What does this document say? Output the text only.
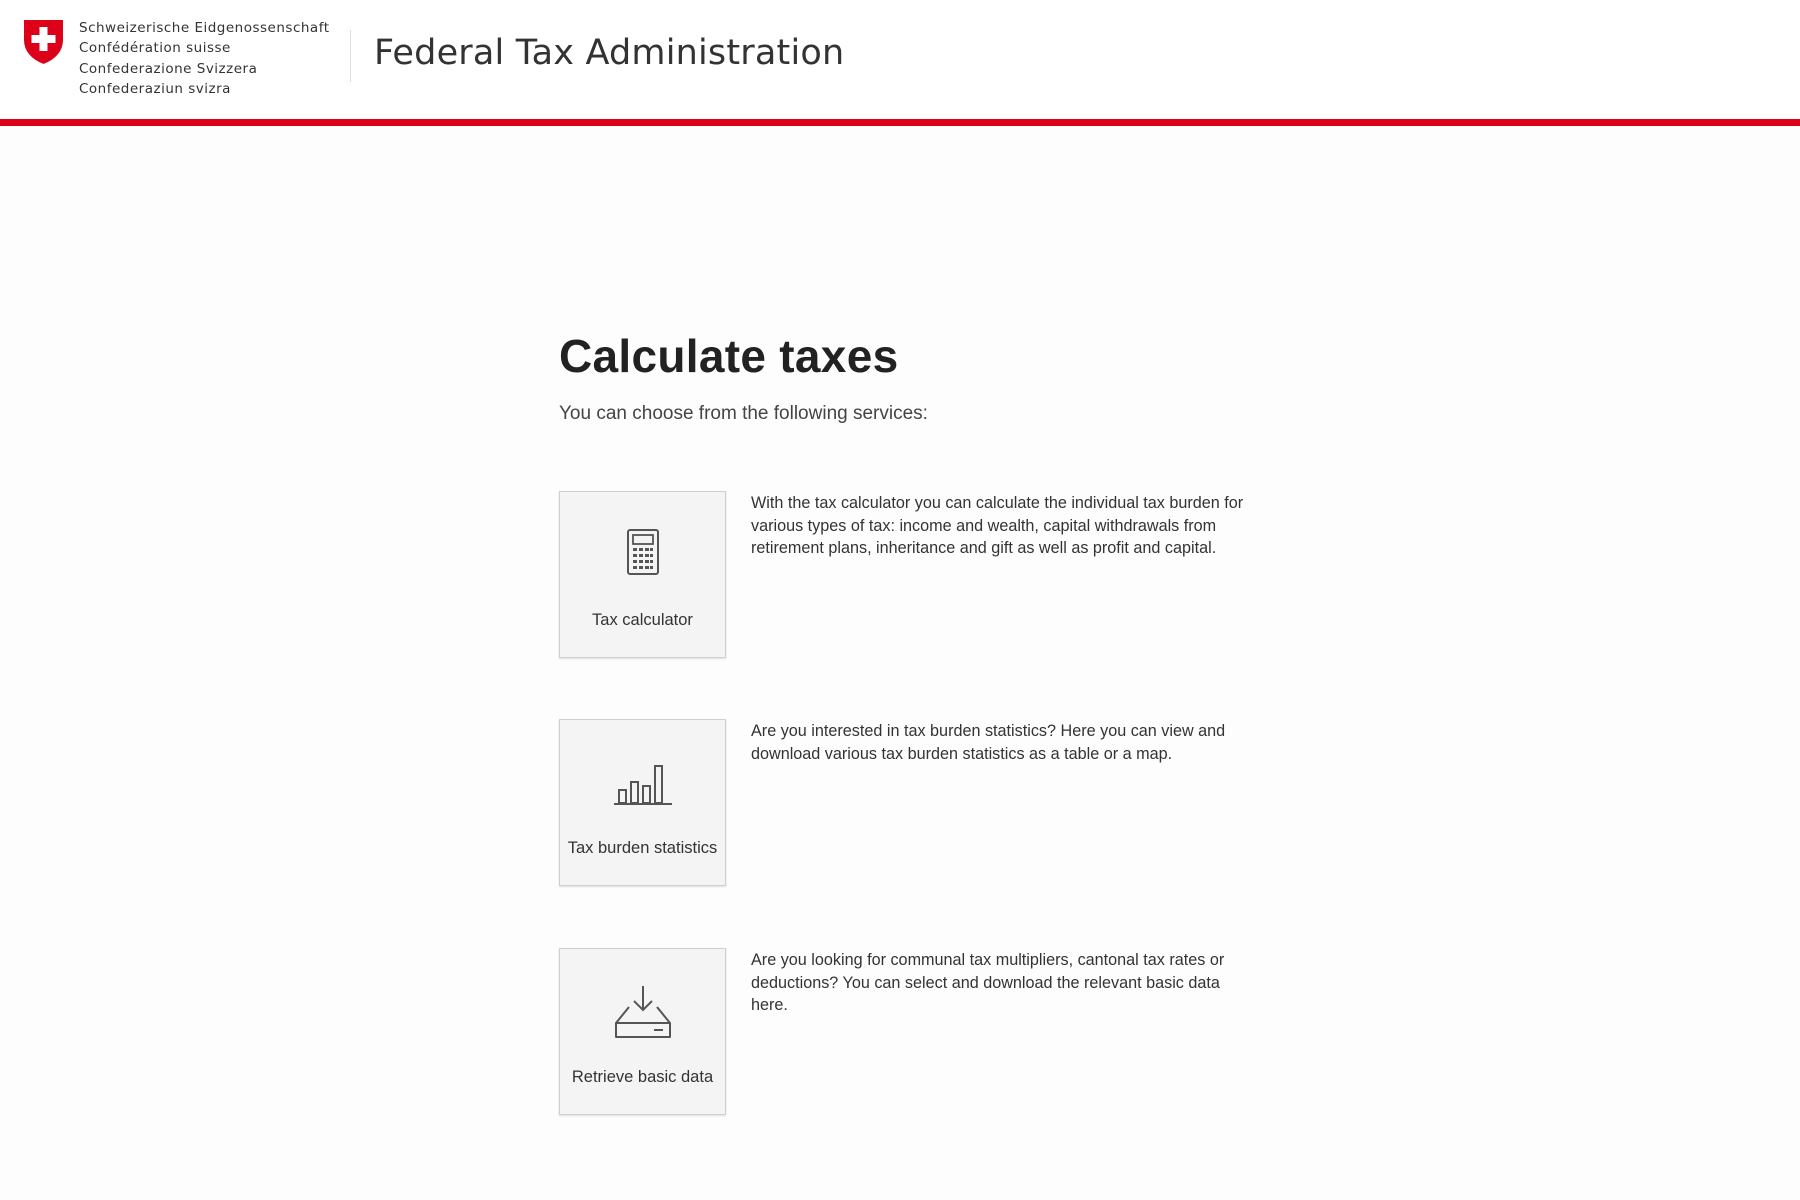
Schweizerische Eidgenossenschaft
Confédération suisse
Confederazione Svizzera
Confederaziun svizra
Federal Tax Administration
Calculate taxes
You can choose from the following services:
Tax calculator
With the tax calculator you can calculate the individual tax burden for various types of tax: income and wealth, capital withdrawals from retirement plans, inheritance and gift as well as profit and capital.
Tax burden statistics
Are you interested in tax burden statistics? Here you can view and download various tax burden statistics as a table or a map.
Retrieve basic data
Are you looking for communal tax multipliers, cantonal tax rates or deductions? You can select and download the relevant basic data here.
